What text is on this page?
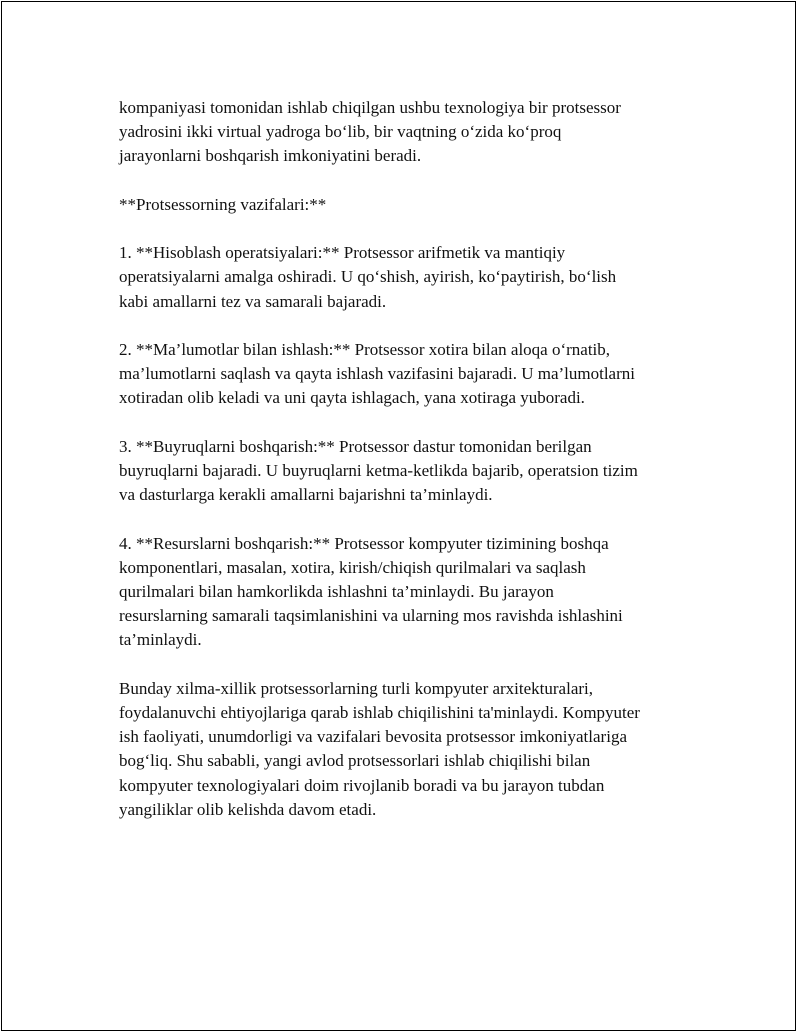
kompaniyasi tomonidan ishlab chiqilgan ushbu texnologiya bir protsessor
yadrosini ikki virtual yadroga bo‘lib, bir vaqtning o‘zida ko‘proq
jarayonlarni boshqarish imkoniyatini beradi.

**Protsessorning vazifalari:**

1. **Hisoblash operatsiyalari:** Protsessor arifmetik va mantiqiy
operatsiyalarni amalga oshiradi. U qo‘shish, ayirish, ko‘paytirish, bo‘lish
kabi amallarni tez va samarali bajaradi.

2. **Ma’lumotlar bilan ishlash:** Protsessor xotira bilan aloqa o‘rnatib,
ma’lumotlarni saqlash va qayta ishlash vazifasini bajaradi. U ma’lumotlarni
xotiradan olib keladi va uni qayta ishlagach, yana xotiraga yuboradi.

3. **Buyruqlarni boshqarish:** Protsessor dastur tomonidan berilgan
buyruqlarni bajaradi. U buyruqlarni ketma-ketlikda bajarib, operatsion tizim
va dasturlarga kerakli amallarni bajarishni ta’minlaydi.

4. **Resurslarni boshqarish:** Protsessor kompyuter tizimining boshqa
komponentlari, masalan, xotira, kirish/chiqish qurilmalari va saqlash
qurilmalari bilan hamkorlikda ishlashni ta’minlaydi. Bu jarayon
resurslarning samarali taqsimlanishini va ularning mos ravishda ishlashini
ta’minlaydi.

Bunday xilma-xillik protsessorlarning turli kompyuter arxitekturalari,
foydalanuvchi ehtiyojlariga qarab ishlab chiqilishini ta'minlaydi. Kompyuter
ish faoliyati, unumdorligi va vazifalari bevosita protsessor imkoniyatlariga
bog‘liq. Shu sababli, yangi avlod protsessorlari ishlab chiqilishi bilan
kompyuter texnologiyalari doim rivojlanib boradi va bu jarayon tubdan
yangiliklar olib kelishda davom etadi.
